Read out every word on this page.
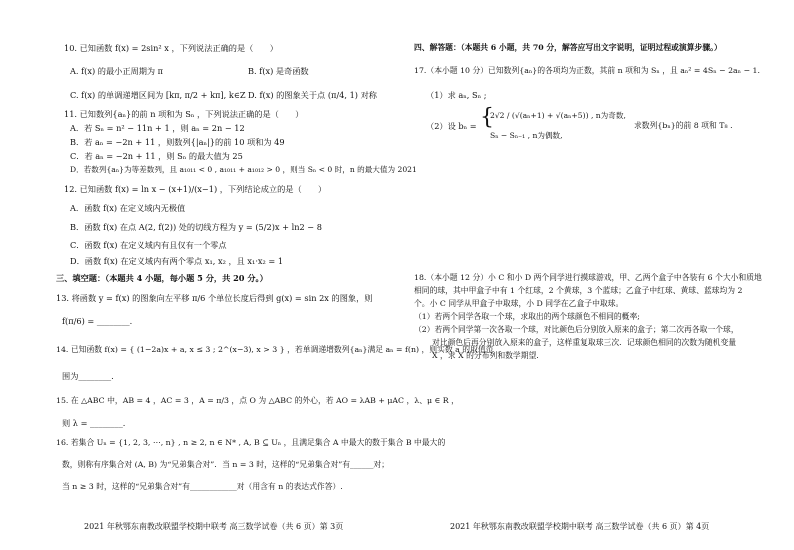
10. 已知函数 f(x) = 2sin² x ，下列说法正确的是（　　）
A. f(x) 的最小正周期为 π	B. f(x) 是奇函数
C. f(x) 的单调递增区间为 [kπ, π/2 + kπ], k∈Z D. f(x) 的图象关于点 (π/4, 1) 对称
11. 已知数列{aₙ}的前 n 项和为 Sₙ ，下列说法正确的是（　　）
A．若 Sₙ = n² − 11n + 1 ，则 aₙ = 2n − 12
B．若 aₙ = −2n + 11 ，则数列{|aₙ|}的前 10 项和为 49
C．若 aₙ = −2n + 11 ，则 Sₙ 的最大值为 25
D．若数列{aₙ}为等差数列，且 a₁₀₁₁ < 0 , a₁₀₁₁ + a₁₀₁₂ > 0 ，则当 Sₙ < 0 时，n 的最大值为 2021
12. 已知函数 f(x) = ln x − (x+1)/(x−1) ，下列结论成立的是（　　）
A．函数 f(x) 在定义域内无极值
B．函数 f(x) 在点 A(2, f(2)) 处的切线方程为 y = (5/2)x + ln2 − 8
C．函数 f(x) 在定义域内有且仅有一个零点
D．函数 f(x) 在定义域内有两个零点 x₁, x₂ ，且 x₁·x₂ = 1
三、填空题：（本题共 4 小题，每小题 5 分，共 20 分。）
13. 将函数 y = f(x) 的图象向左平移 π/6 个单位长度后得到 g(x) = sin 2x 的图象，则
f(π/6) = ________.
14. 已知函数 f(x) = { (1−2a)x + a, x ≤ 3 ; 2^(x−3), x > 3 } ，若单调递增数列{aₙ}满足 aₙ = f(n) ，则实数 a 的取值范
围为________.
15. 在 △ABC 中，AB = 4 ，AC = 3 ，A = π/3 ，点 O 为 △ABC 的外心，若 AO = λAB + μAC ，λ、μ ∈ R ，
则 λ = ________.
16. 若集合 Uₙ = {1, 2, 3, ⋯, n} , n ≥ 2, n ∈ N* , A, B ⊆ Uₙ ，且满足集合 A 中最大的数于集合 B 中最大的
数，则称有序集合对 (A, B) 为“兄弟集合对”．当 n = 3 时，这样的“兄弟集合对”有______对；
当 n ≥ 3 时，这样的“兄弟集合对”有____________对（用含有 n 的表达式作答）.
2021 年秋鄂东南教改联盟学校期中联考 高三数学试卷（共 6 页）第 3页
四、解答题：（本题共 6 小题，共 70 分，解答应写出文字说明，证明过程或演算步骤。）
17.（本小题 10 分）已知数列{aₙ}的各项均为正数，其前 n 项和为 Sₙ ，且 aₙ² = 4Sₙ − 2aₙ − 1.
（1）求 aₙ, Sₙ ;
（2）设 bₙ = {
2√2 / (√(aₙ+1) + √(aₙ+5)) , n为奇数,
Sₙ − Sₙ₋₁ , n为偶数,
求数列{bₙ}的前 8 项和 T₈ .
18.（本小题 12 分）小 C 和小 D 两个同学进行摸球游戏，甲、乙两个盒子中各装有 6 个大小和质地
相同的球，其中甲盒子中有 1 个红球，2 个黄球，3 个蓝球；乙盒子中红球、黄球、蓝球均为 2
个。小 C 同学从甲盒子中取球，小 D 同学在乙盒子中取球。
（1）若两个同学各取一个球，求取出的两个球颜色不相同的概率;
（2）若两个同学第一次各取一个球，对比颜色后分别放入原来的盒子；第二次再各取一个球，
对比颜色后再分别放入原来的盒子，这样重复取球三次．记球颜色相同的次数为随机变量
X ，求 X 的分布列和数学期望.
2021 年秋鄂东南教改联盟学校期中联考 高三数学试卷（共 6 页）第 4页
